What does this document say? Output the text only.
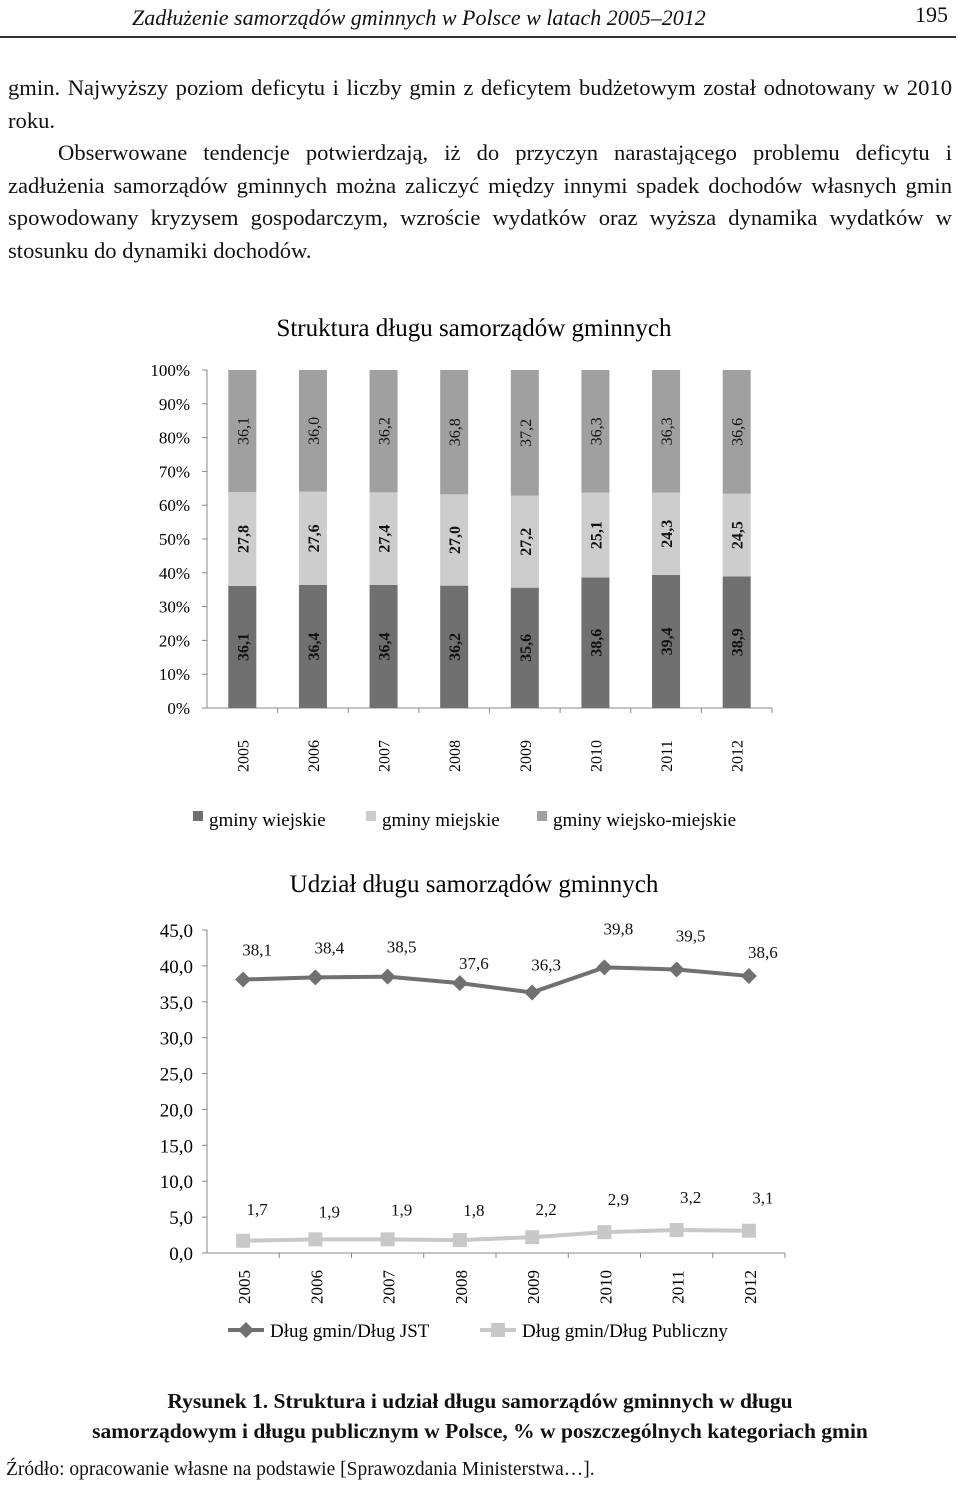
Zadłużenie samorządów gminnych w Polsce w latach 2005–2012	195

gmin. Najwyższy poziom deficytu i liczby gmin z deficytem budżetowym został odnotowany w 2010 roku.

Obserwowane tendencje potwierdzają, iż do przyczyn narastającego problemu deficytu i zadłużenia samorządów gminnych można zaliczyć między innymi spadek dochodów własnych gmin spowodowany kryzysem gospodarczym, wzroście wydatków oraz wyższa dynamika wydatków w stosunku do dynamiki dochodów.

Struktura długu samorządów gminnych
0%
10%
20%
30%
40%
50%
60%
70%
80%
90%
100%
2005	2006	2007	2008	2009	2010	2011	2012
36,1
27,8
36,1
36,4
27,6
36,0
36,4
27,4
36,2
36,2
27,0
36,8
35,6
27,2
37,2
38,6
25,1
36,3
39,4
24,3
36,3
38,9
24,5
36,6
gminy wiejskie	gminy miejskie	gminy wiejsko-miejskie
Udział długu samorządów gminnych
0,0
5,0
10,0
15,0
20,0
25,0
30,0
35,0
40,0
45,0
2005	2006	2007	2008	2009	2010	2011	2012
38,1	38,4	38,5
37,6	36,3
39,8	39,5
38,6
1,7	1,9	1,9	1,8	2,2
2,9	3,2	3,1
Dług gmin/Dług JST	Dług gmin/Dług Publiczny
Rysunek 1. Struktura i udział długu samorządów gminnych w długu
samorządowym i długu publicznym w Polsce, % w poszczególnych kategoriach gmin
Źródło: opracowanie własne na podstawie [Sprawozdania Ministerstwa…].
